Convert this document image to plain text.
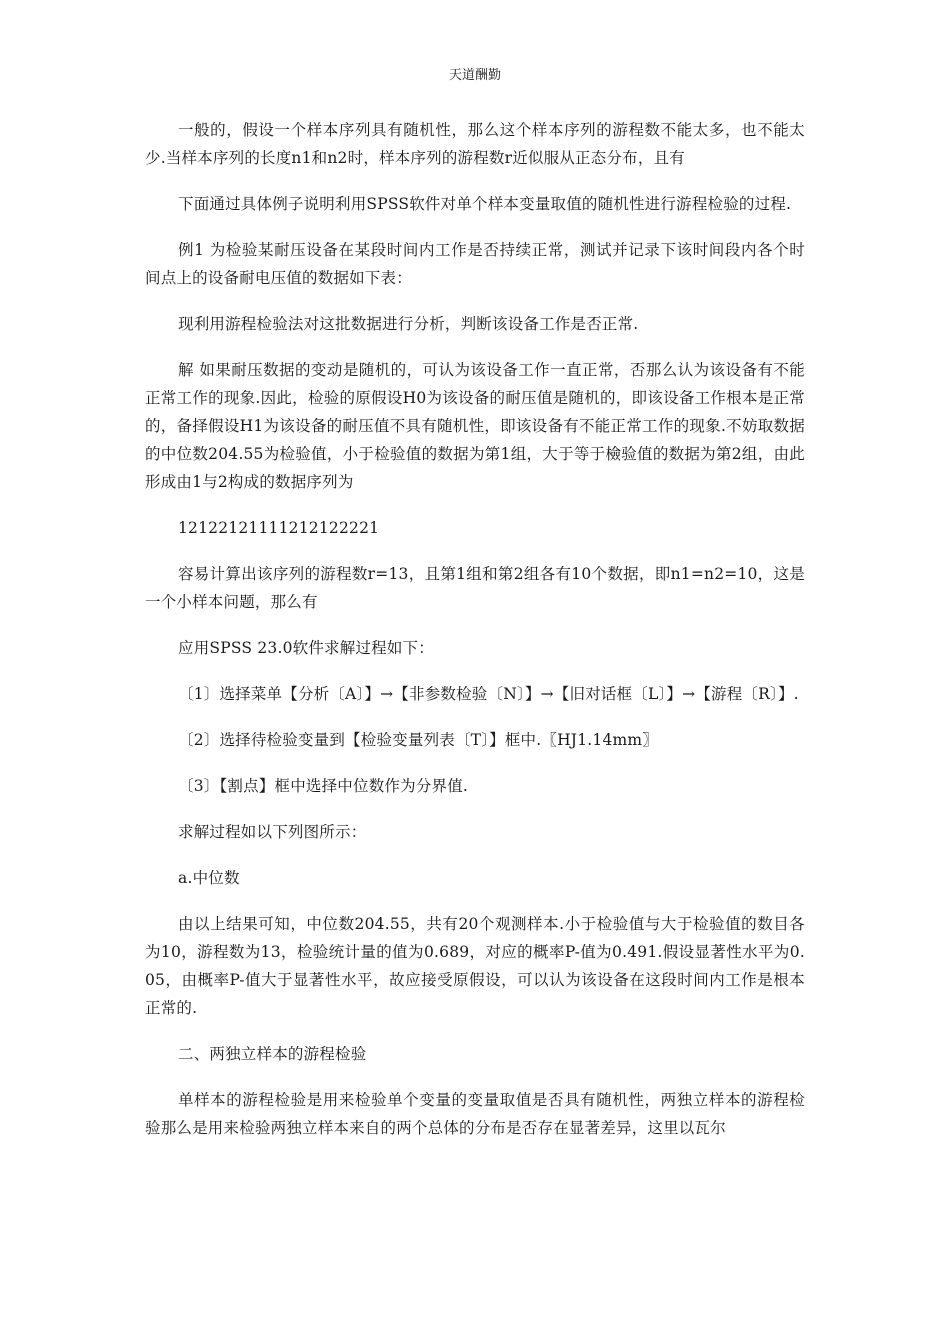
天道酬勤

一般的，假设一个样本序列具有随机性，那么这个样本序列的游程数不能太多，也不能太少.当样本序列的长度n1和n2时，样本序列的游程数r近似服从正态分布，且有

下面通过具体例子说明利用SPSS软件对单个样本变量取值的随机性进行游程检验的过程.

例1 为检验某耐压设备在某段时间内工作是否持续正常，测试并记录下该时间段内各个时间点上的设备耐电压值的数据如下表：

现利用游程检验法对这批数据进行分析，判断该设备工作是否正常.

解 如果耐压数据的变动是随机的，可认为该设备工作一直正常，否那么认为该设备有不能正常工作的现象.因此，检验的原假设H0为该设备的耐压值是随机的，即该设备工作根本是正常的，备择假设H1为该设备的耐压值不具有随机性，即该设备有不能正常工作的现象.不妨取数据的中位数204.55为检验值，小于检验值的数据为第1组，大于等于檢验值的数据为第2组，由此形成由1与2构成的数据序列为

12122121111212122221

容易计算出该序列的游程数r=13，且第1组和第2组各有10个数据，即n1=n2=10，这是一个小样本问题，那么有

应用SPSS 23.0软件求解过程如下：

〔1〕选择菜单【分析〔A〕】→【非参数检验〔N〕】→【旧对话框〔L〕】→【游程〔R〕】.

〔2〕选择待检验变量到【检验变量列表〔T〕】框中.〖HJ1.14mm〗

〔3〕【割点】框中选择中位数作为分界值.

求解过程如以下列图所示：

a.中位数

由以上结果可知，中位数204.55，共有20个观测样本.小于检验值与大于检验值的数目各为10，游程数为13，检验统计量的值为0.689，对应的概率P-值为0.491.假设显著性水平为0.05，由概率P-值大于显著性水平，故应接受原假设，可以认为该设备在这段时间内工作是根本正常的.

二、两独立样本的游程检验

单样本的游程检验是用来检验单个变量的变量取值是否具有随机性，两独立样本的游程检验那么是用来检验两独立样本来自的两个总体的分布是否存在显著差异，这里以瓦尔
